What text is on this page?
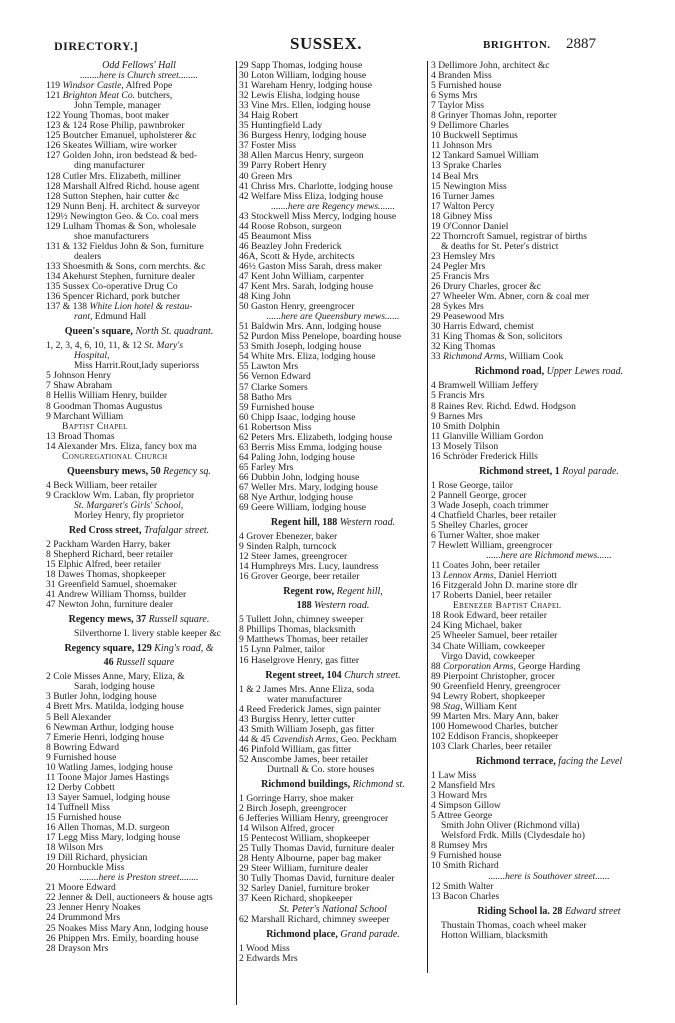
DIRECTORY.]	SUSSEX.	BRIGHTON. 2887
Odd Fellows' Hall
........here is Church street........
119 Windsor Castle, Alfred Pope
121 Brighton Meat Co. butchers,
John Temple, manager
122 Young Thomas, boot maker
123 & 124 Rose Philip, pawnbroker
125 Boutcher Emanuel, upholsterer &c
126 Skeates William, wire worker
127 Golden John, iron bedstead & bed-
ding manufacturer
128 Cutler Mrs. Elizabeth, milliner
128 Marshall Alfred Richd. house agent
128 Sutton Stephen, hair cutter &c
129 Nunn Benj. H. architect & surveyor
129½ Newington Geo. & Co. coal mers
129 Lulham Thomas & Son, wholesale
shoe manufacturers
131 & 132 Fieldus John & Son, furniture
dealers
133 Shoesmith & Sons, corn merchts. &c
134 Akehurst Stephen, furniture dealer
135 Sussex Co-operative Drug Co
136 Spencer Richard, pork butcher
137 & 138 White Lion hotel & restau-
rant, Edmund Hall
Queen's square, North St. quadrant.
1, 2, 3, 4, 6, 10, 11, & 12 St. Mary's
Hospital,
Miss Harrit.Rout,lady superiorss
5 Johnson Henry
7 Shaw Abraham
8 Hellis William Henry, builder
8 Goodman Thomas Augustus
9 Marchant William
Baptist Chapel
13 Broad Thomas
14 Alexander Mrs. Eliza, fancy box ma
Congregational Church
Queensbury mews, 50 Regency sq.
4 Beck William, beer retailer
9 Cracklow Wm. Laban, fly proprietor
St. Margaret's Girls' School,
Morley Henry, fly proprietor
Red Cross street, Trafalgar street.
2 Packham Warden Harry, baker
8 Shepherd Richard, beer retailer
15 Elphic Alfred, beer retailer
18 Dawes Thomas, shopkeeper
31 Greenfield Samuel, shoemaker
41 Andrew William Thomss, builder
47 Newton John, furniture dealer
Regency mews, 37 Russell square.
Silverthorne I. livery stable keeper &c
Regency square, 129 King's road, &
46 Russell square
2 Cole Misses Anne, Mary, Eliza, &
Sarah, lodging house
3 Butler John, lodging house
4 Brett Mrs. Matilda, lodging house
5 Bell Alexander
6 Newman Arthur, lodging house
7 Emerie Henri, lodging house
8 Bowring Edward
9 Furnished house
10 Watling James, lodging house
11 Toone Major James Hastings
12 Derby Cobbett
13 Sayer Samuel, lodging house
14 Tuffnell Miss
15 Furnished house
16 Allen Thomas, M.D. surgeon
17 Legg Miss Mary, lodging house
18 Wilson Mrs
19 Dill Richard, physician
20 Hornbuckle Miss
........here is Preston street........
21 Moore Edward
22 Jenner & Dell, auctioneers & house agts
23 Jenner Henry Noakes
24 Drummond Mrs
25 Noakes Miss Mary Ann, lodging house
26 Phippen Mrs. Emily, boarding house
28 Drayson Mrs
29 Sapp Thomas, lodging house
30 Loton William, lodging house
31 Wareham Henry, lodging house
32 Lewis Elisha, lodging house
33 Vine Mrs. Ellen, lodging house
34 Haig Robert
35 Huntingfield Lady
36 Burgess Henry, lodging house
37 Foster Miss
38 Allen Marcus Henry, surgeon
39 Parry Robert Henry
40 Green Mrs
41 Chriss Mrs. Charlotte, lodging house
42 Welfare Miss Eliza, lodging house
.......here are Regency mews.......
43 Stockwell Miss Mercy, lodging house
44 Roose Robson, surgeon
45 Beaumont Miss
46 Beazley John Frederick
46A, Scott & Hyde, architects
46½ Gaston Miss Sarah, dress maker
47 Kent John William, carpenter
47 Kent Mrs. Sarah, lodging house
48 King John
50 Gaston Henry, greengrocer
......here are Queensbury mews......
51 Baldwin Mrs. Ann, lodging house
52 Purdon Miss Penelope, boarding house
53 Smith Joseph, lodging house
54 White Mrs. Eliza, lodging house
55 Lawton Mrs
56 Vernon Edward
57 Clarke Somers
58 Batho Mrs
59 Furnished house
60 Chipp Isaac, lodging house
61 Robertson Miss
62 Peters Mrs. Elizabeth, lodging house
63 Berris Miss Emma, lodging house
64 Paling John, lodging house
65 Farley Mrs
66 Dubbin John, lodging house
67 Weller Mrs. Mary, lodging house
68 Nye Arthur, lodging house
69 Geere William, lodging house
Regent hill, 188 Western road.
4 Grover Ebenezer, baker
9 Sinden Ralph, turncock
12 Steer James, greengrocer
14 Humphreys Mrs. Lucy, laundress
16 Grover George, beer retailer
Regent row, Regent hill,
188 Western road.
5 Tullett John, chimney sweeper
8 Phillips Thomas, blacksmith
9 Matthews Thomas, beer retailer
15 Lynn Palmer, tailor
16 Haselgrove Henry, gas fitter
Regent street, 104 Church street.
1 & 2 James Mrs. Anne Eliza, soda
water manufacturer
4 Reed Frederick James, sign painter
43 Burgiss Henry, letter cutter
43 Smith William Joseph, gas fitter
44 & 45 Cavendish Arms, Geo. Peckham
46 Pinfold William, gas fitter
52 Anscombe James, beer retailer
Durtnall & Co. store houses
Richmond buildings, Richmond st.
1 Gorringe Harry, shoe maker
2 Birch Joseph, greengrocer
6 Jefferies William Henry, greengrocer
14 Wilson Alfred, grocer
15 Pentecost William, shopkeeper
25 Tully Thomas David, furniture dealer
28 Henty Albourne, paper bag maker
29 Steer William, furniture dealer
30 Tully Thomas David, furniture dealer
32 Sarley Daniel, furniture broker
37 Keen Richard, shopkeeper
St. Peter's National School
62 Marshall Richard, chimney sweeper
Richmond place, Grand parade.
1 Wood Miss
2 Edwards Mrs
3 Dellimore John, architect &c
4 Branden Miss
5 Furnished house
6 Syms Mrs
7 Taylor Miss
8 Grinyer Thomas John, reporter
9 Dellimore Charles
10 Buckwell Septimus
11 Johnson Mrs
12 Tankard Samuel William
13 Sprake Charles
14 Beal Mrs
15 Newington Miss
16 Turner James
17 Walton Percy
18 Gibney Miss
19 O'Connor Daniel
22 Thorncroft Samuel, registrar of births
& deaths for St. Peter's district
23 Hemsley Mrs
24 Pegler Mrs
25 Francis Mrs
26 Drury Charles, grocer &c
27 Wheeler Wm. Abner, corn & coal mer
28 Sykes Mrs
29 Peasewood Mrs
30 Harris Edward, chemist
31 King Thomas & Son, solicitors
32 King Thomas
33 Richmond Arms, William Cook
Richmond road, Upper Lewes road.
4 Bramwell William Jeffery
5 Francis Mrs
8 Raines Rev. Richd. Edwd. Hodgson
9 Barnes Mrs
10 Smith Dolphin
11 Glanville William Gordon
13 Mosely Tilson
16 Schröder Frederick Hills
Richmond street, 1 Royal parade.
1 Rose George, tailor
2 Pannell George, grocer
3 Wade Joseph, coach trimmer
4 Chatfield Charles, beer retailer
5 Shelley Charles, grocer
6 Turner Walter, shoe maker
7 Hewlett William, greengrocer
......here are Richmond mews......
11 Coates John, beer retailer
13 Lennox Arms, Daniel Herriott
16 Fitzgerald John D. marine store dlr
17 Roberts Daniel, beer retailer
Ebenezer Baptist Chapel
18 Rook Edward, beer retailer
24 King Michael, baker
25 Wheeler Samuel, beer retailer
34 Chate William, cowkeeper
Virgo David, cowkeeper
88 Corporation Arms, George Harding
89 Pierpoint Christopher, grocer
90 Greenfield Henry, greengrocer
94 Lewry Robert, shopkeeper
98 Stag, William Kent
99 Marten Mrs. Mary Ann, baker
100 Homewood Charles, butcher
102 Eddison Francis, shopkeeper
103 Clark Charles, beer retailer
Richmond terrace, facing the Level
1 Law Miss
2 Mansfield Mrs
3 Howard Mrs
4 Simpson Gillow
5 Attree George
Smith John Oliver (Richmond villa)
Welsford Frdk. Mills (Clydesdale ho)
8 Rumsey Mrs
9 Furnished house
10 Smith Richard
.......here is Southover street......
12 Smith Walter
13 Bacon Charles
Riding School la. 28 Edward street
Thustain Thomas, coach wheel maker
Hotton William, blacksmith
